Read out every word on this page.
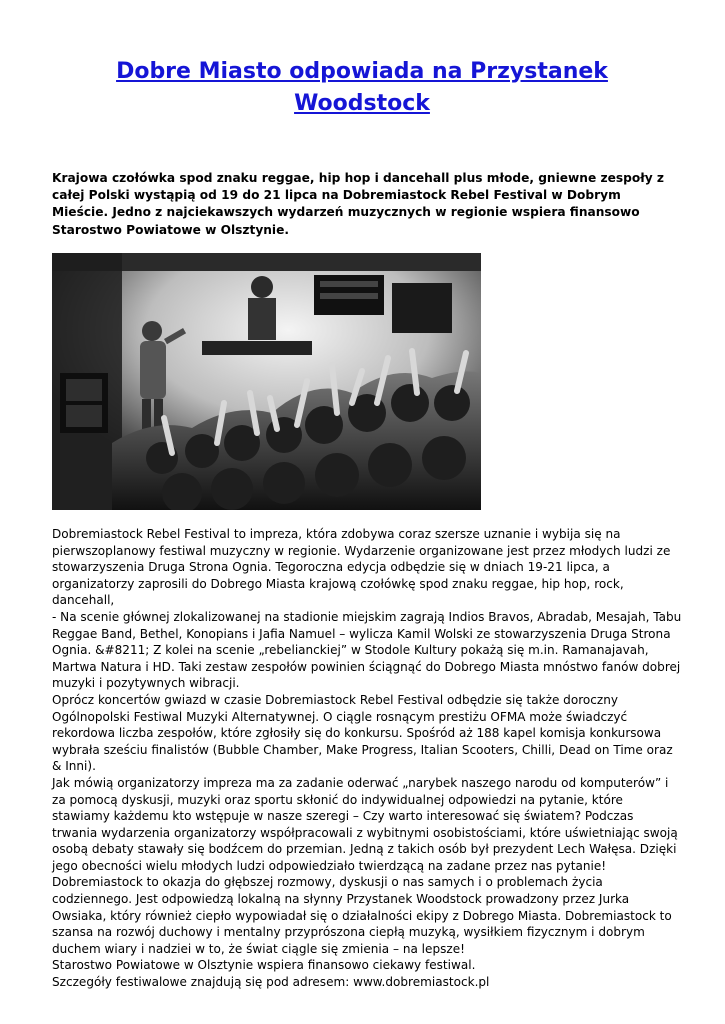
Dobre Miasto odpowiada na Przystanek Woodstock

Krajowa czołówka spod znaku reggae, hip hop i dancehall plus młode, gniewne zespoły z całej Polski wystąpią od 19 do 21 lipca na Dobremiastock Rebel Festival w Dobrym Mieście. Jedno z najciekawszych wydarzeń muzycznych w regionie wspiera finansowo Starostwo Powiatowe w Olsztynie.

Dobremiastock Rebel Festival to impreza, która zdobywa coraz szersze uznanie i wybija się na pierwszoplanowy festiwal muzyczny w regionie. Wydarzenie organizowane jest przez młodych ludzi ze stowarzyszenia Druga Strona Ognia. Tegoroczna edycja odbędzie się w dniach 19-21 lipca, a organizatorzy zaprosili do Dobrego Miasta krajową czołówkę spod znaku reggae, hip hop, rock, dancehall,

- Na scenie głównej zlokalizowanej na stadionie miejskim zagrają Indios Bravos, Abradab, Mesajah, Tabu Reggae Band, Bethel, Konopians i Jafia Namuel – wylicza Kamil Wolski ze stowarzyszenia Druga Strona Ognia. &#8211; Z kolei na scenie „rebelianckiej” w Stodole Kultury pokażą się m.in. Ramanajavah, Martwa Natura i HD. Taki zestaw zespołów powinien ściągnąć do Dobrego Miasta mnóstwo fanów dobrej muzyki i pozytywnych wibracji.

Oprócz koncertów gwiazd w czasie Dobremiastock Rebel Festival odbędzie się także doroczny Ogólnopolski Festiwal Muzyki Alternatywnej. O ciągle rosnącym prestiżu OFMA może świadczyć rekordowa liczba zespołów, które zgłosiły się do konkursu. Spośród aż 188 kapel komisja konkursowa wybrała sześciu finalistów (Bubble Chamber, Make Progress, Italian Scooters, Chilli, Dead on Time oraz & Inni).

Jak mówią organizatorzy impreza ma za zadanie oderwać „narybek naszego narodu od komputerów” i za pomocą dyskusji, muzyki oraz sportu skłonić do indywidualnej odpowiedzi na pytanie, które stawiamy każdemu kto wstępuje w nasze szeregi – Czy warto interesować się światem? Podczas trwania wydarzenia organizatorzy współpracowali z wybitnymi osobistościami, które uświetniając swoją osobą debaty stawały się bodźcem do przemian. Jedną z takich osób był prezydent Lech Wałęsa. Dzięki jego obecności wielu młodych ludzi odpowiedziało twierdzącą na zadane przez nas pytanie! Dobremiastock to okazja do głębszej rozmowy, dyskusji o nas samych i o problemach życia codziennego. Jest odpowiedzą lokalną na słynny Przystanek Woodstock prowadzony przez Jurka Owsiaka, który również ciepło wypowiadał się o działalności ekipy z Dobrego Miasta. Dobremiastock to szansa na rozwój duchowy i mentalny przyprószona ciepłą muzyką, wysiłkiem fizycznym i dobrym duchem wiary i nadziei w to, że świat ciągle się zmienia – na lepsze!

Starostwo Powiatowe w Olsztynie wspiera finansowo ciekawy festiwal.

Szczegóły festiwalowe znajdują się pod adresem: www.dobremiastock.pl
